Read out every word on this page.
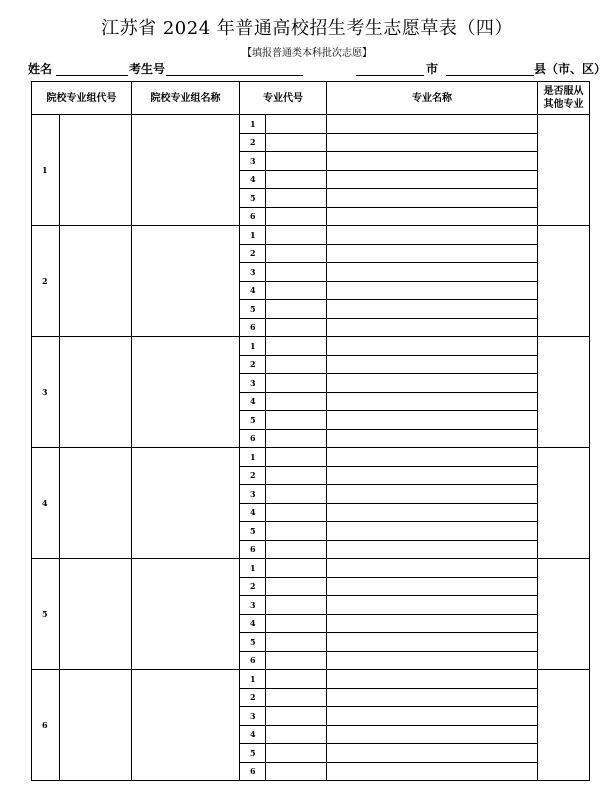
江苏省 2024 年普通高校招生考生志愿草表（四）
【填报普通类本科批次志愿】
姓名	考生号	市	县（市、区）
院校专业组代号		院校专业组名称	专业代号		专业名称	是否服从
其他专业

1			1			
			2			
			3			
			4			
			5			
			6			
2			1			
			2			
			3			
			4			
			5			
			6			
3			1			
			2			
			3			
			4			
			5			
			6			
4			1			
			2			
			3			
			4			
			5			
			6			
5			1			
			2			
			3			
			4			
			5			
			6			
6			1			
			2			
			3			
			4			
			5			
			6			
